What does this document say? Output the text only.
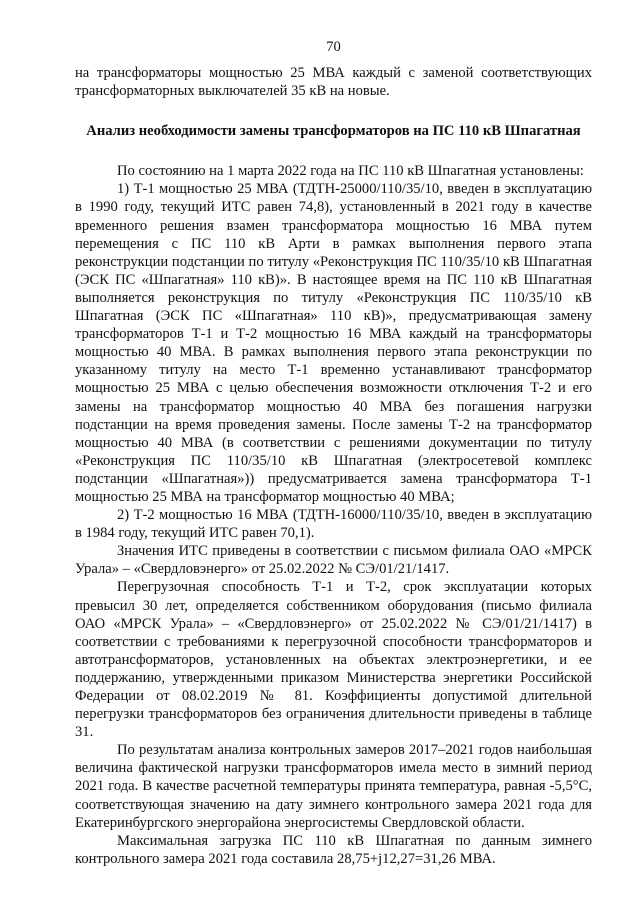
70

на трансформаторы мощностью 25 МВА каждый с заменой соответствующих трансформаторных выключателей 35 кВ на новые.

Анализ необходимости замены трансформаторов на ПС 110 кВ Шпагатная

По состоянию на 1 марта 2022 года на ПС 110 кВ Шпагатная установлены:

1) Т-1 мощностью 25 МВА (ТДТН-25000/110/35/10, введен в эксплуатацию в 1990 году, текущий ИТС равен 74,8), установленный в 2021 году в качестве временного решения взамен трансформатора мощностью 16 МВА путем перемещения с ПС 110 кВ Арти в рамках выполнения первого этапа реконструкции подстанции по титулу «Реконструкция ПС 110/35/10 кВ Шпагатная (ЭСК ПС «Шпагатная» 110 кВ)». В настоящее время на ПС 110 кВ Шпагатная выполняется реконструкция по титулу «Реконструкция ПС 110/35/10 кВ Шпагатная (ЭСК ПС «Шпагатная» 110 кВ)», предусматривающая замену трансформаторов Т-1 и Т-2 мощностью 16 МВА каждый на трансформаторы мощностью 40 МВА. В рамках выполнения первого этапа реконструкции по указанному титулу на место Т-1 временно устанавливают трансформатор мощностью 25 МВА с целью обеспечения возможности отключения Т-2 и его замены на трансформатор мощностью 40 МВА без погашения нагрузки подстанции на время проведения замены. После замены Т-2 на трансформатор мощностью 40 МВА (в соответствии с решениями документации по титулу «Реконструкция ПС 110/35/10 кВ Шпагатная (электросетевой комплекс подстанции «Шпагатная»)) предусматривается замена трансформатора Т-1 мощностью 25 МВА на трансформатор мощностью 40 МВА;

2) Т-2 мощностью 16 МВА (ТДТН-16000/110/35/10, введен в эксплуатацию в 1984 году, текущий ИТС равен 70,1).

Значения ИТС приведены в соответствии с письмом филиала ОАО «МРСК Урала» – «Свердловэнерго» от 25.02.2022 № СЭ/01/21/1417.

Перегрузочная способность Т-1 и Т-2, срок эксплуатации которых превысил 30 лет, определяется собственником оборудования (письмо филиала ОАО «МРСК Урала» – «Свердловэнерго» от 25.02.2022 № СЭ/01/21/1417) в соответствии с требованиями к перегрузочной способности трансформаторов и автотрансформаторов, установленных на объектах электроэнергетики, и ее поддержанию, утвержденными приказом Министерства энергетики Российской Федерации от 08.02.2019 № 81. Коэффициенты допустимой длительной перегрузки трансформаторов без ограничения длительности приведены в таблице 31.

По результатам анализа контрольных замеров 2017–2021 годов наибольшая величина фактической нагрузки трансформаторов имела место в зимний период 2021 года. В качестве расчетной температуры принята температура, равная -5,5°С, соответствующая значению на дату зимнего контрольного замера 2021 года для Екатеринбургского энергорайона энергосистемы Свердловской области.

Максимальная загрузка ПС 110 кВ Шпагатная по данным зимнего контрольного замера 2021 года составила 28,75+j12,27=31,26 МВА.
